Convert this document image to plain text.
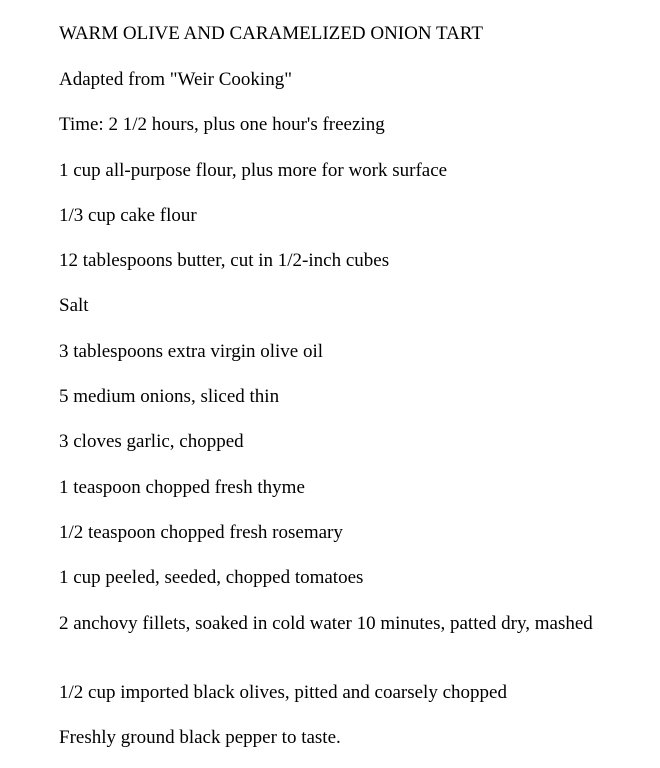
WARM OLIVE AND CARAMELIZED ONION TART

Adapted from "Weir Cooking"

Time: 2 1/2 hours, plus one hour's freezing

1 cup all-purpose flour, plus more for work surface

1/3 cup cake flour

12 tablespoons butter, cut in 1/2-inch cubes

Salt

3 tablespoons extra virgin olive oil

5 medium onions, sliced thin

3 cloves garlic, chopped

1 teaspoon chopped fresh thyme

1/2 teaspoon chopped fresh rosemary

1 cup peeled, seeded, chopped tomatoes

2 anchovy fillets, soaked in cold water 10 minutes, patted dry, mashed

1/2 cup imported black olives, pitted and coarsely chopped

Freshly ground black pepper to taste.
